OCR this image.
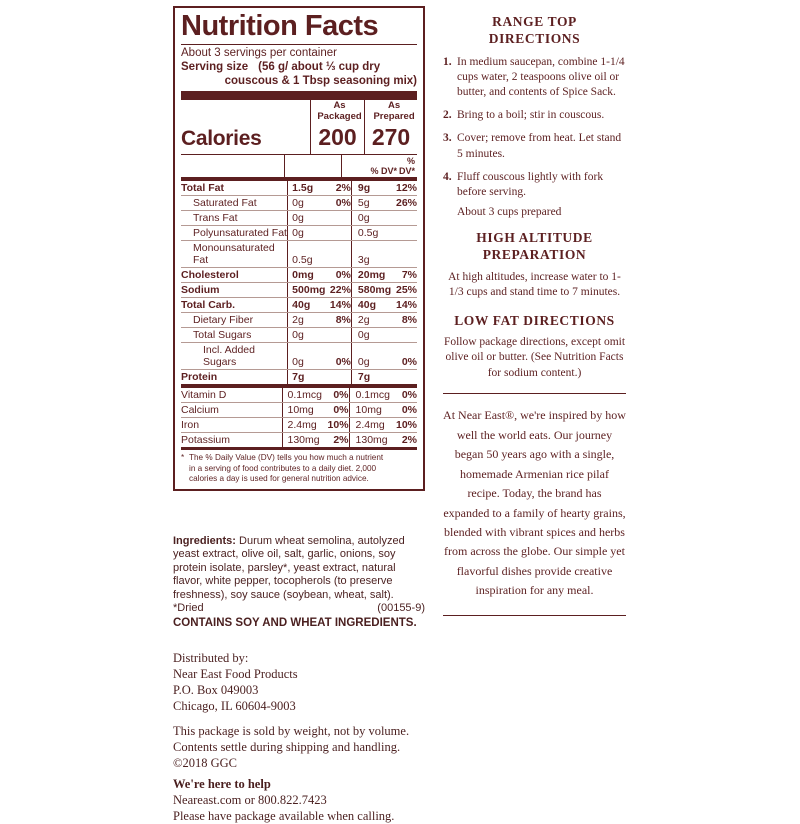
Nutrition Facts
About 3 servings per container
Serving size (56 g/ about ⅓ cup dry
couscous & 1 Tbsp seasoning mix)
	As Packaged	As Prepared
Calories	200	270
			% DV*	% DV*
Total Fat	1.5g	2%	9g	12%
Saturated Fat	0g	0%	5g	26%
Trans Fat	0g		0g	
Polyunsaturated Fat	0g		0.5g	
Monounsaturated Fat	0.5g		3g	
Cholesterol	0mg	0%	20mg	7%
Sodium	500mg	22%	580mg	25%
Total Carb.	40g	14%	40g	14%
Dietary Fiber	2g	8%	2g	8%
Total Sugars	0g		0g	
Incl. Added Sugars	0g	0%	0g	0%
Protein	7g		7g	
Vitamin D	0.1mcg	0%	0.1mcg	0%
Calcium	10mg	0%	10mg	0%
Iron	2.4mg	10%	2.4mg	10%
Potassium	130mg	2%	130mg	2%
* The % Daily Value (DV) tells you how much a nutrient
in a serving of food contributes to a daily diet. 2,000
calories a day is used for general nutrition advice.
Ingredients: Durum wheat semolina, autolyzed yeast extract, olive oil, salt, garlic, onions, soy protein isolate, parsley*, yeast extract, natural flavor, white pepper, tocopherols (to preserve freshness), soy sauce (soybean, wheat, salt).
*Dried	(00155-9)
CONTAINS SOY AND WHEAT INGREDIENTS.
Distributed by:
Near East Food Products
P.O. Box 049003
Chicago, IL 60604-9003
This package is sold by weight, not by volume.
Contents settle during shipping and handling.
©2018 GGC
We're here to help
Neareast.com or 800.822.7423
Please have package available when calling.
RANGE TOP
DIRECTIONS
1. In medium saucepan, combine 1-1/4 cups water, 2 teaspoons olive oil or butter, and contents of Spice Sack.
2. Bring to a boil; stir in couscous.
3. Cover; remove from heat. Let stand 5 minutes.
4. Fluff couscous lightly with fork before serving.
About 3 cups prepared
HIGH ALTITUDE
PREPARATION
At high altitudes, increase water to 1-1/3 cups and stand time to 7 minutes.
LOW FAT DIRECTIONS
Follow package directions, except omit olive oil or butter. (See Nutrition Facts for sodium content.)
At Near East®, we're inspired by how well the world eats. Our journey began 50 years ago with a single, homemade Armenian rice pilaf recipe. Today, the brand has expanded to a family of hearty grains, blended with vibrant spices and herbs from across the globe. Our simple yet flavorful dishes provide creative inspiration for any meal.
